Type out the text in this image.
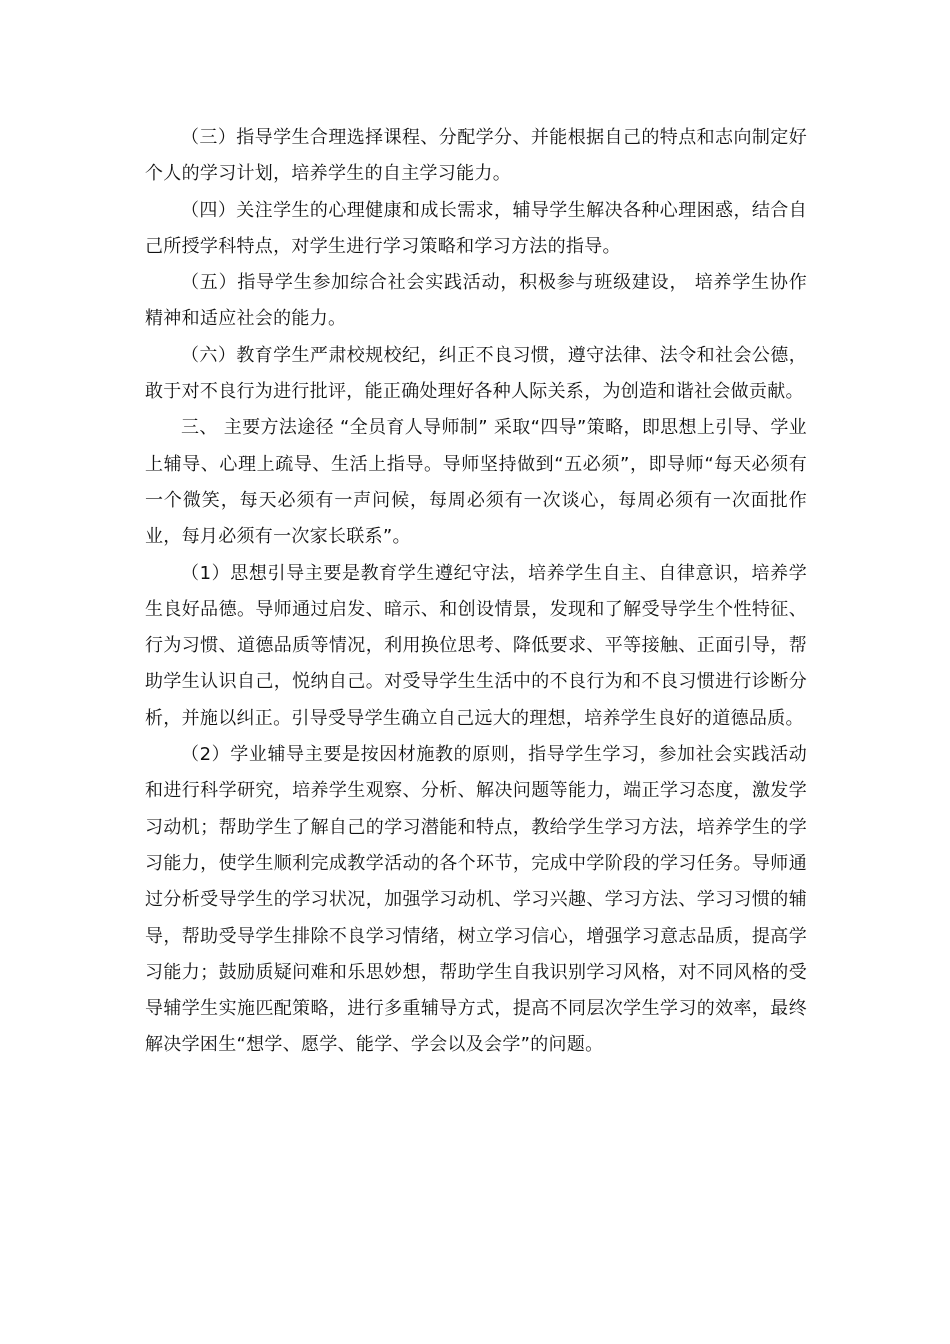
（三）指导学生合理选择课程、分配学分、并能根据自己的特点和志向制定好个人的学习计划，培养学生的自主学习能力。

（四）关注学生的心理健康和成长需求，辅导学生解决各种心理困惑，结合自己所授学科特点，对学生进行学习策略和学习方法的指导。

（五）指导学生参加综合社会实践活动，积极参与班级建设， 培养学生协作精神和适应社会的能力。

（六）教育学生严肃校规校纪，纠正不良习惯，遵守法律、法令和社会公德，敢于对不良行为进行批评，能正确处理好各种人际关系，为创造和谐社会做贡献。

三、 主要方法途径 “全员育人导师制” 采取“四导”策略，即思想上引导、学业上辅导、心理上疏导、生活上指导。导师坚持做到“五必须”，即导师“每天必须有一个微笑，每天必须有一声问候，每周必须有一次谈心，每周必须有一次面批作业，每月必须有一次家长联系”。

（1）思想引导主要是教育学生遵纪守法，培养学生自主、自律意识，培养学生良好品德。导师通过启发、暗示、和创设情景，发现和了解受导学生个性特征、行为习惯、道德品质等情况，利用换位思考、降低要求、平等接触、正面引导，帮助学生认识自己，悦纳自己。对受导学生生活中的不良行为和不良习惯进行诊断分析，并施以纠正。引导受导学生确立自己远大的理想，培养学生良好的道德品质。

（2）学业辅导主要是按因材施教的原则，指导学生学习，参加社会实践活动和进行科学研究，培养学生观察、分析、解决问题等能力，端正学习态度，激发学习动机；帮助学生了解自己的学习潜能和特点，教给学生学习方法，培养学生的学习能力，使学生顺利完成教学活动的各个环节，完成中学阶段的学习任务。导师通过分析受导学生的学习状况，加强学习动机、学习兴趣、学习方法、学习习惯的辅导，帮助受导学生排除不良学习情绪，树立学习信心，增强学习意志品质，提高学习能力；鼓励质疑问难和乐思妙想，帮助学生自我识别学习风格，对不同风格的受导辅学生实施匹配策略，进行多重辅导方式，提高不同层次学生学习的效率，最终解决学困生“想学、愿学、能学、学会以及会学”的问题。
